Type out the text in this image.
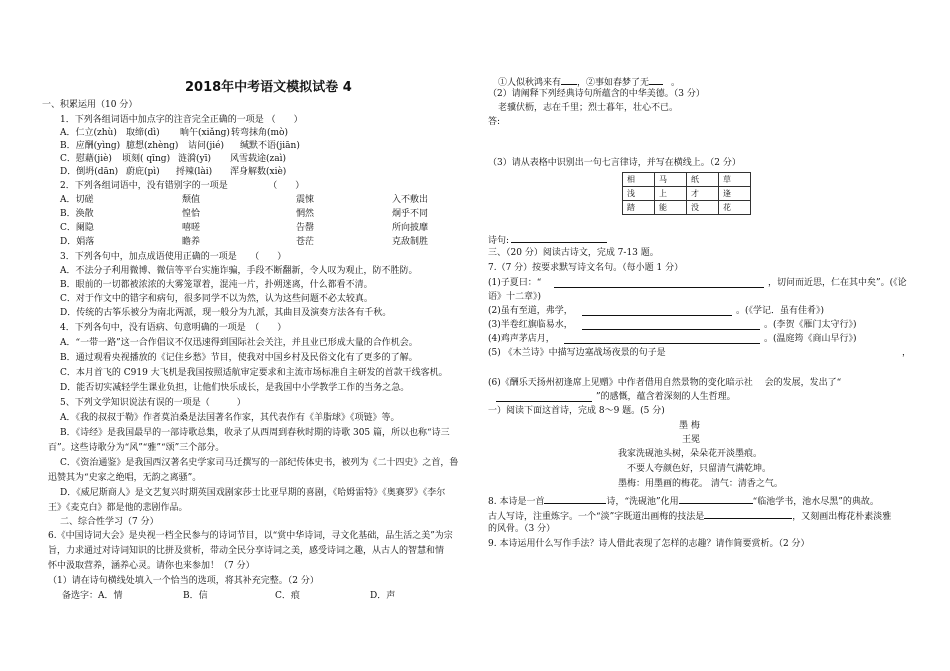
2018年中考语文模拟试卷 4
一、积累运用（10 分）
1．下列各组词语中加点字的注音完全正确的一项是 （　　）
A．仁立(zhù) 取缔(dì) 晌午(xiǎng) 转弯抹角(mò)
B．应酬(yìng) 臆想(zhèng) 诘问(jié) 缄默不语(jiān)
C．慰藉(jiè) 顷刻( qīng) 涟漪(yī) 风雪载途(zaì)
D．倒坍(dān) 蔚庇(pì) 捋辣(lài) 浑身解数(xiè)
2．下列各组词语中，没有错别字的一项是　　　　　（　　）
A．切磋	颓值	震悚	入不敷出
B．涣散	惶恰	惘然	炯乎不同
C．阑隐	嘻嗟	告罄	所向披靡
D．娟落	瞻养	苍茫	克敌制胜
3．下列各句中，加点成语使用正确的一项是　　（　　）
A．不法分子利用微博、微信等平台实施诈骗，手段不断翻新，令人叹为观止，防不胜防。
B．眼前的一切都被浓浓的大雾笼罩着，混沌一片，扑朔迷离，什么都看不清。
C．对于作文中的错字和病句，很多同学不以为然，认为这些问题不必太较真。
D．传统的古筝乐被分为南北两派，现一般分为九派，其曲目及演奏方法各有千秋。
4．下列各句中，没有语病、句意明确的一项是　（　　）
A．“一带一路”这一合作倡议不仅迅速得到国际社会关注，并且业已形成大量的合作机会。
B．通过观看央视播放的《记住乡愁》节目，使我对中国乡村及民俗文化有了更多的了解。
C．本月首飞的 C919 大飞机是我国按照适航审定要求和主流市场标准自主研发的首款干线客机。
D．能否切实减轻学生课业负担，让他们快乐成长，是我国中小学教学工作的当务之急。
5、下列文学知识说法有误的一项是（　　　）
A．《我的叔叔于勒》作者莫泊桑是法国著名作家，其代表作有《羊脂球》《项链》等。
B．《诗经》是我国最早的一部诗歌总集，收录了从西周到春秋时期的诗歌 305 篇，所以也称“诗三
百”。这些诗歌分为“风”“雅”“颂”三个部分。
C．《资治通鉴》是我国西汉著名史学家司马迁撰写的一部纪传体史书，被列为《二十四史》之首，鲁
迅赞其为“史家之绝唱，无韵之离骚”。
D．《威尼斯商人》是文艺复兴时期英国戏剧家莎士比亚早期的喜剧，《哈姆雷特》《奥赛罗》《李尔
王》《麦克白》都是他的悲剧作品。
二、综合性学习（7 分）
6.《中国诗词大会》是央视一档全民参与的诗词节目，以“赏中华诗词，寻文化基础，品生活之美”为宗
旨，力求通过对诗词知识的比拼及赏析，带动全民分享诗词之美，感受诗词之趣，从古人的智慧和情
怀中汲取营养，涵养心灵。请你也来参加！（7 分）
（1）请在诗句横线处填入一个恰当的选项，将其补充完整。（2 分）
备选字：A．情	B．信	C．痕	D．声
①人似秋鸿来有 ，②事如春梦了无 。
（2）请阐释下列经典诗句所蕴含的中华美德。（3 分）
老骥伏枥，志在千里；烈士暮年，壮心不已。
答:
（3）请从表格中识别出一句七言律诗，并写在横线上。（2 分）
相	马	纸	草
浅	上	才	逢
踏	能	没	花
诗句:
三、（20 分）阅读古诗文，完成 7-13 题。
7.（7 分）按要求默写诗文名句。（每小题 1 分）
(1)子夏曰：“	，切问而近思，仁在其中矣”。(《论
语》十二章》)
(2)虽有至道，弗学，	。(《学记．虽有佳肴》)
(3)半卷红旗临易水，	。(李贺《雁门太守行》)
(4)鸡声茅店月，	。(温庭筠《商山早行》)
(5) 《木兰诗》中描写边塞战场夜景的句子是	，
(6)《酬乐天扬州初逢席上见赠》中作者借用自然景物的变化暗示社　 会的发展，发出了“
”的感慨，蕴含着深刻的人生哲理。
一）阅读下面这首诗，完成 8～9 题。(5 分)
墨 梅
王冕
我家洗砚池头树，朵朵花开淡墨痕。
不要人夸颜色好，只留清气满乾坤。
墨梅：用墨画的梅花。 清气：清香之气。
8. 本诗是一首	诗，“洗砚池”化用	“临池学书，池水尽黑”的典故。
古人写诗，注重炼字。一个“淡”字既道出画梅的技法是	，又刻画出梅花朴素淡雅
的风骨。（3 分）
9. 本诗运用什么写作手法？诗人借此表现了怎样的志趣？请作简要赏析。（2 分）
